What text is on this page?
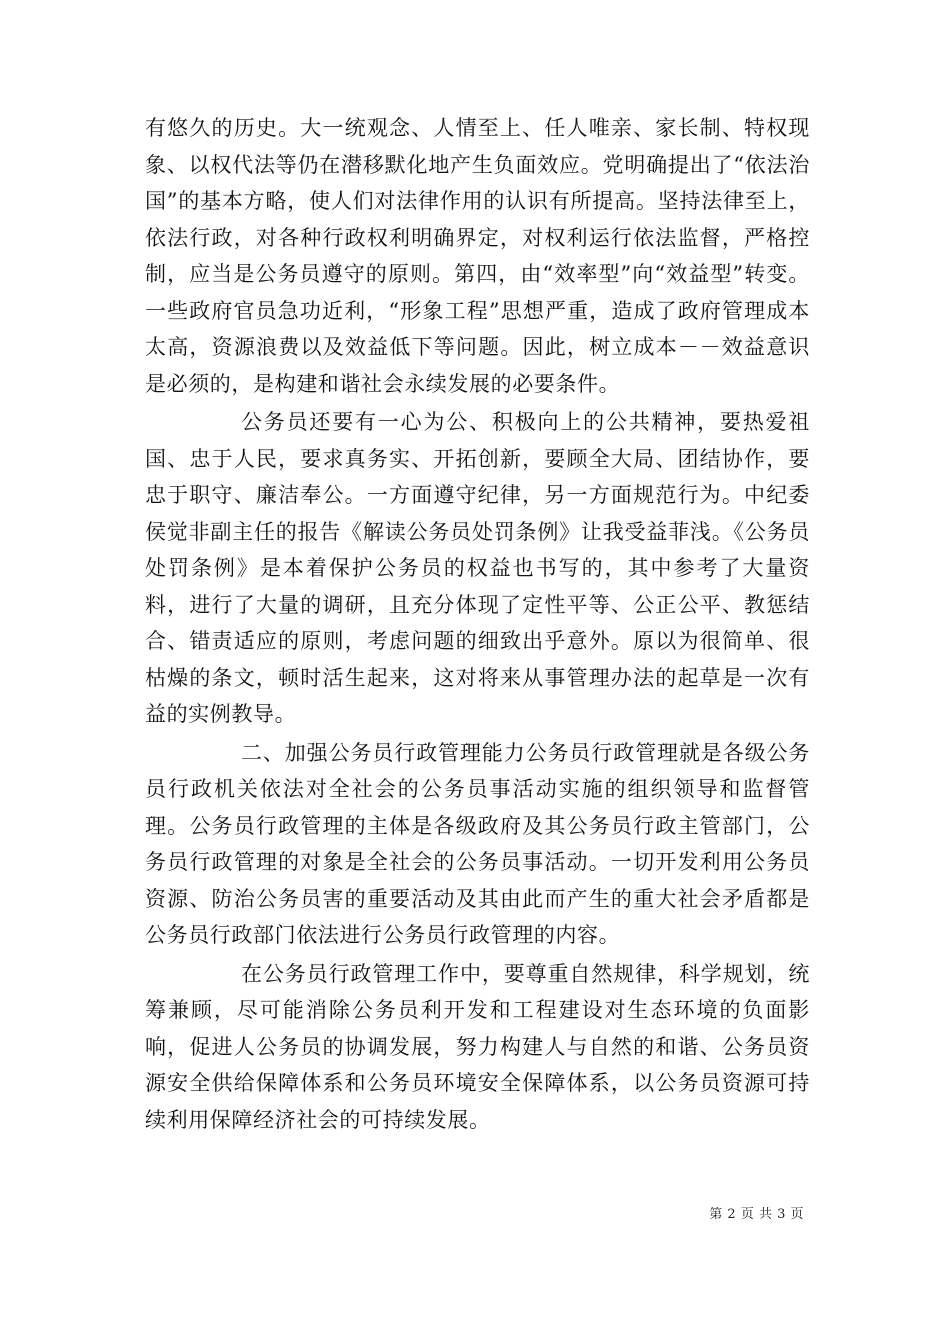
有悠久的历史。大一统观念、人情至上、任人唯亲、家长制、特权现象、以权代法等仍在潜移默化地产生负面效应。党明确提出了“依法治国”的基本方略，使人们对法律作用的认识有所提高。坚持法律至上，依法行政，对各种行政权利明确界定，对权利运行依法监督，严格控制，应当是公务员遵守的原则。第四，由“效率型”向“效益型”转变。一些政府官员急功近利，“形象工程”思想严重，造成了政府管理成本太高，资源浪费以及效益低下等问题。因此，树立成本－－效益意识是必须的，是构建和谐社会永续发展的必要条件。

公务员还要有一心为公、积极向上的公共精神，要热爱祖国、忠于人民，要求真务实、开拓创新，要顾全大局、团结协作，要忠于职守、廉洁奉公。一方面遵守纪律，另一方面规范行为。中纪委侯觉非副主任的报告《解读公务员处罚条例》让我受益菲浅。《公务员处罚条例》是本着保护公务员的权益也书写的，其中参考了大量资料，进行了大量的调研，且充分体现了定性平等、公正公平、教惩结合、错责适应的原则，考虑问题的细致出乎意外。原以为很简单、很枯燥的条文，顿时活生起来，这对将来从事管理办法的起草是一次有益的实例教导。

二、加强公务员行政管理能力公务员行政管理就是各级公务员行政机关依法对全社会的公务员事活动实施的组织领导和监督管理。公务员行政管理的主体是各级政府及其公务员行政主管部门，公务员行政管理的对象是全社会的公务员事活动。一切开发利用公务员资源、防治公务员害的重要活动及其由此而产生的重大社会矛盾都是公务员行政部门依法进行公务员行政管理的内容。

在公务员行政管理工作中，要尊重自然规律，科学规划，统筹兼顾，尽可能消除公务员利开发和工程建设对生态环境的负面影响，促进人公务员的协调发展，努力构建人与自然的和谐、公务员资源安全供给保障体系和公务员环境安全保障体系，以公务员资源可持续利用保障经济社会的可持续发展。

第 2 页 共 3 页
